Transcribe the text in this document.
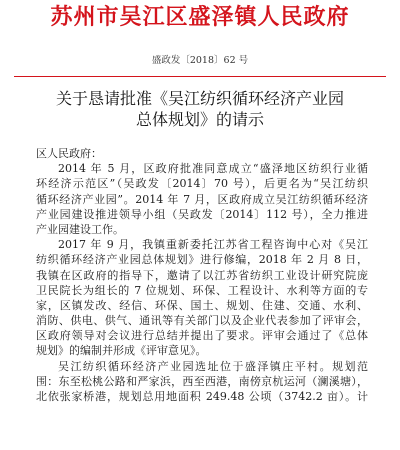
苏州市吴江区盛泽镇人民政府
盛政发〔2018〕62 号
关于恳请批准《吴江纺织循环经济产业园
总体规划》的请示
区人民政府：
2014 年 5 月，区政府批准同意成立“盛泽地区纺织行业循
环经济示范区”（吴政发〔2014〕70 号），后更名为“吴江纺织
循环经济产业园”。2014 年 7 月，区政府成立吴江纺织循环经济
产业园建设推进领导小组（吴政发〔2014〕112 号），全力推进
产业园建设工作。
2017 年 9 月，我镇重新委托江苏省工程咨询中心对《吴江
纺织循环经济产业园总体规划》进行修编，2018 年 2 月 8 日，
我镇在区政府的指导下，邀请了以江苏省纺织工业设计研究院庞
卫民院长为组长的 7 位规划、环保、工程设计、水利等方面的专
家，区镇发改、经信、环保、国土、规划、住建、交通、水利、
消防、供电、供气、通讯等有关部门以及企业代表参加了评审会，
区政府领导对会议进行总结并提出了要求。评审会通过了《总体
规划》的编制并形成《评审意见》。
吴江纺织循环经济产业园选址位于盛泽镇庄平村。规划范
围：东至松桃公路和严家浜，西至西港，南傍京杭运河（澜溪塘），
北依张家桥港，规划总用地面积 249.48 公顷（3742.2 亩）。计
